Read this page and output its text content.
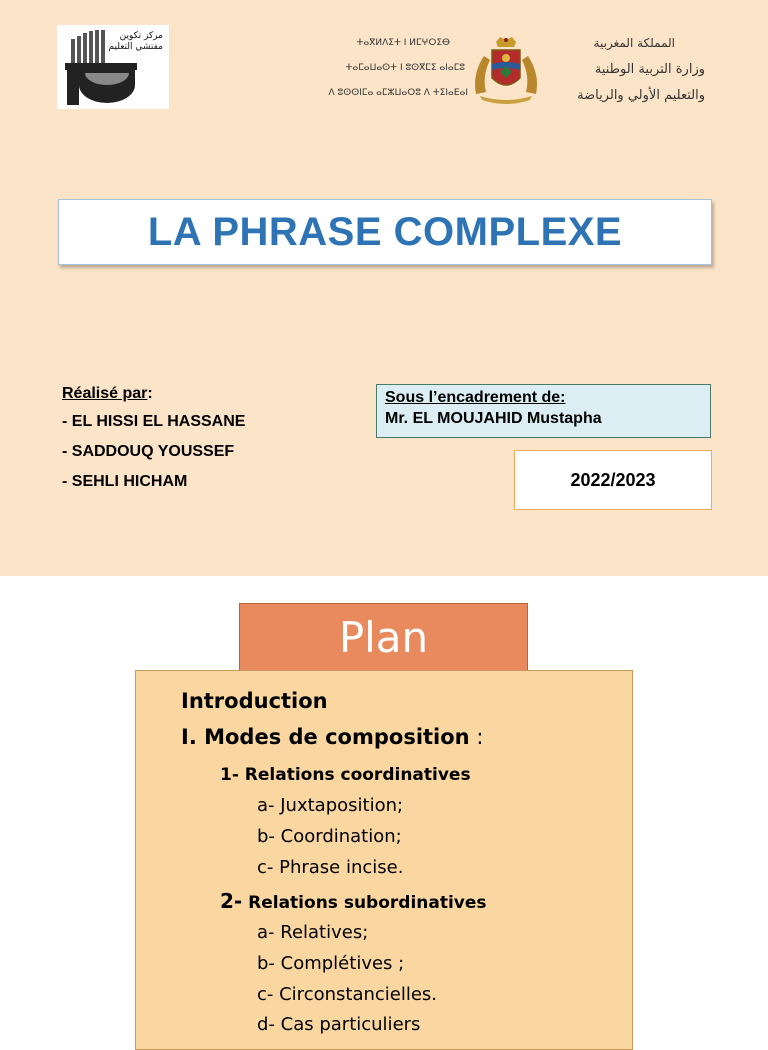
مركز تكوين مفتشي التعليم	ⵜⴰⴳⵍⴷⵉⵜ ⵏ ⵍⵎⵖⵔⵉⴱ
ⵜⴰⵎⴰⵡⴰⵙⵜ ⵏ ⵓⵙⴳⵎⵉ ⴰⵏⴰⵎⵓ
ⴷ ⵓⵙⵙⵏⵎⴰ ⴰⵎⵣⵡⴰⵔⵓ ⴷ ⵜⵉⵏⴰⴹⴰⵏ
المملكة المغربية
وزارة التربية الوطنية
والتعليم الأولي والرياضة
LA PHRASE COMPLEXE
Réalisé par:
- EL HISSI EL HASSANE
- SADDOUQ YOUSSEF
- SEHLI HICHAM
Sous l’encadrement de:
Mr. EL MOUJAHID Mustapha
2022/2023
Plan
Introduction
I. Modes de composition :
1- Relations coordinatives
a- Juxtaposition;
b- Coordination;
c- Phrase incise.
2- Relations subordinatives
a- Relatives;
b- Complétives ;
c- Circonstancielles.
d- Cas particuliers
